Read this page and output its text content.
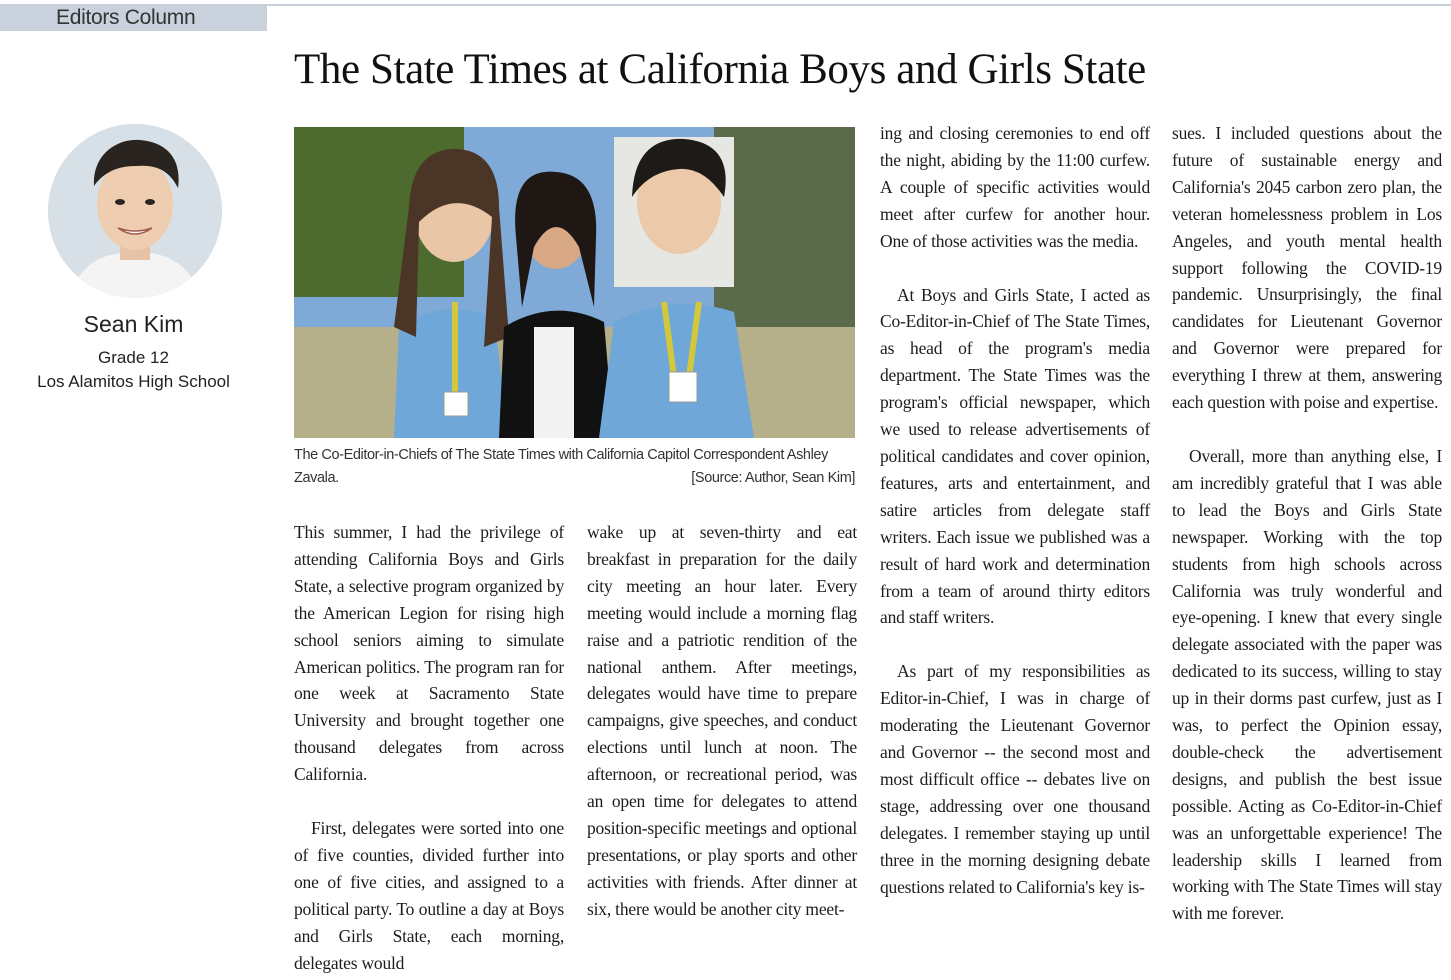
Editors Column
The State Times at California Boys and Girls State
Sean Kim
Grade 12
Los Alamitos High School
The Co-Editor-in-Chiefs of The State Times with California Capitol Correspondent Ashley Zavala.	[Source: Author, Sean Kim]

This summer, I had the privilege of attending California Boys and Girls State, a selective program organized by the American Legion for rising high school seniors aiming to simulate American politics. The program ran for one week at Sacramento State University and brought together one thousand delegates from across California.

First, delegates were sorted into one of five counties, divided further into one of five cities, and assigned to a political party. To outline a day at Boys and Girls State, each morning, delegates would

wake up at seven-thirty and eat breakfast in preparation for the daily city meeting an hour later. Every meeting would include a morning flag raise and a patriotic rendition of the national anthem. After meetings, delegates would have time to prepare campaigns, give speeches, and conduct elections until lunch at noon. The afternoon, or recreational period, was an open time for delegates to attend position-specific meetings and optional presentations, or play sports and other activities with friends. After dinner at six, there would be another city meet-

ing and closing ceremonies to end off the night, abiding by the 11:00 curfew. A couple of specific activities would meet after curfew for another hour. One of those activities was the media.

At Boys and Girls State, I acted as Co-Editor-in-Chief of The State Times, as head of the program's media department. The State Times was the program's official newspaper, which we used to release advertisements of political candidates and cover opinion, features, arts and entertainment, and satire articles from delegate staff writers. Each issue we published was a result of hard work and determination from a team of around thirty editors and staff writers.

As part of my responsibilities as Editor-in-Chief, I was in charge of moderating the Lieutenant Governor and Governor -- the second most and most difficult office -- debates live on stage, addressing over one thousand delegates. I remember staying up until three in the morning designing debate questions related to California's key is-

sues. I included questions about the future of sustainable energy and California's 2045 carbon zero plan, the veteran homelessness problem in Los Angeles, and youth mental health support following the COVID-19 pandemic. Unsurprisingly, the final candidates for Lieutenant Governor and Governor were prepared for everything I threw at them, answering each question with poise and expertise.

Overall, more than anything else, I am incredibly grateful that I was able to lead the Boys and Girls State newspaper. Working with the top students from high schools across California was truly wonderful and eye-opening. I knew that every single delegate associated with the paper was dedicated to its success, willing to stay up in their dorms past curfew, just as I was, to perfect the Opinion essay, double-check the advertisement designs, and publish the best issue possible. Acting as Co-Editor-in-Chief was an unforgettable experience! The leadership skills I learned from working with The State Times will stay with me forever.
